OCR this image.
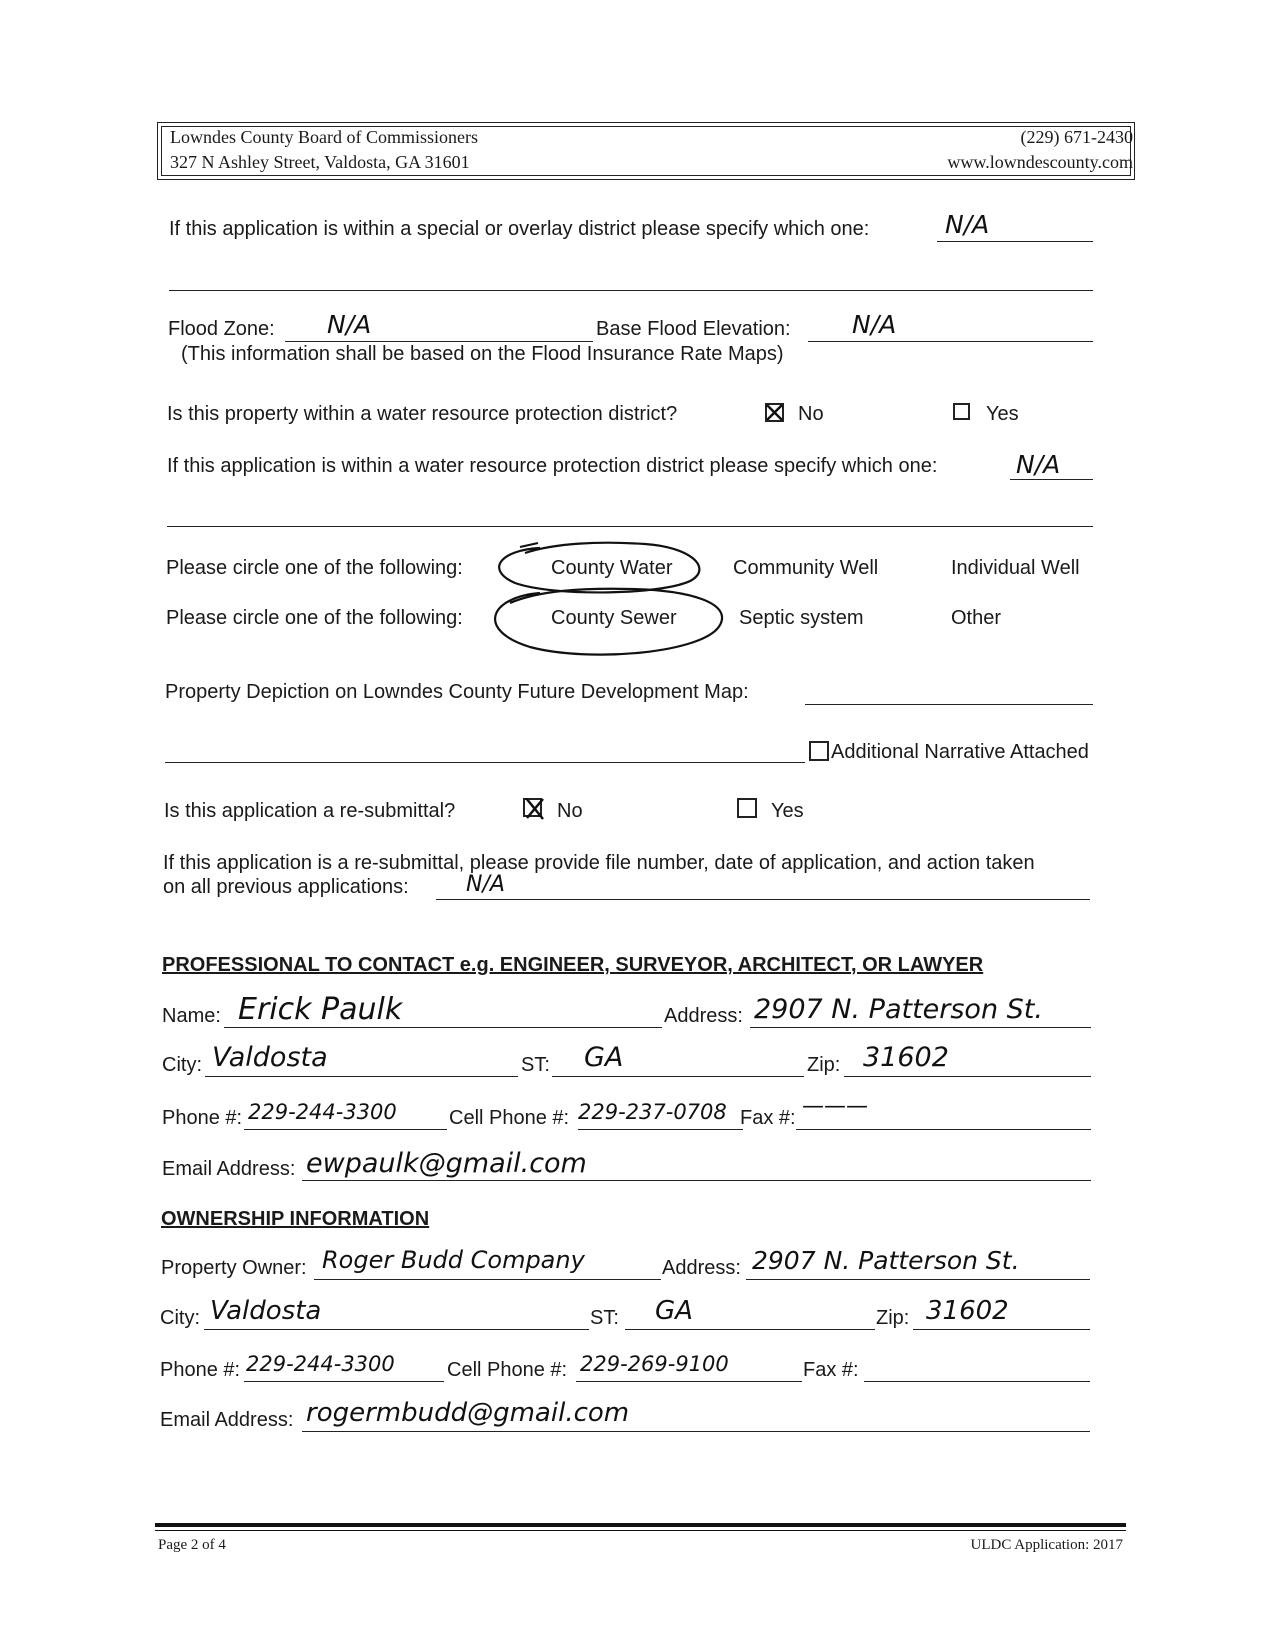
Lowndes County Board of Commissioners
327 N Ashley Street, Valdosta, GA 31601
(229) 671-2430
www.lowndescounty.com
If this application is within a special or overlay district please specify which one:	N/A
Flood Zone: N/A	Base Flood Elevation: N/A
(This information shall be based on the Flood Insurance Rate Maps)
Is this property within a water resource protection district?	No	Yes
If this application is within a water resource protection district please specify which one:	N/A
Please circle one of the following:	County Water	Community Well	Individual Well
Please circle one of the following:	County Sewer	Septic system	Other
Property Depiction on Lowndes County Future Development Map:
Additional Narrative Attached
Is this application a re-submittal?	No	Yes
If this application is a re-submittal, please provide file number, date of application, and action taken
on all previous applications:	N/A
PROFESSIONAL TO CONTACT e.g. ENGINEER, SURVEYOR, ARCHITECT, OR LAWYER
Name: Erick Paulk	Address: 2907 N. Patterson St.
City: Valdosta	ST: GA	Zip: 31602
Phone #: 229-244-3300	Cell Phone #: 229-237-0708 Fax #: ———
Email Address: ewpaulk@gmail.com
OWNERSHIP INFORMATION
Property Owner: Roger Budd Company	Address: 2907 N. Patterson St.
City: Valdosta	ST: GA	Zip: 31602
Phone #: 229-244-3300	Cell Phone #: 229-269-9100	Fax #:
Email Address: rogermbudd@gmail.com
Page 2 of 4	ULDC Application: 2017
